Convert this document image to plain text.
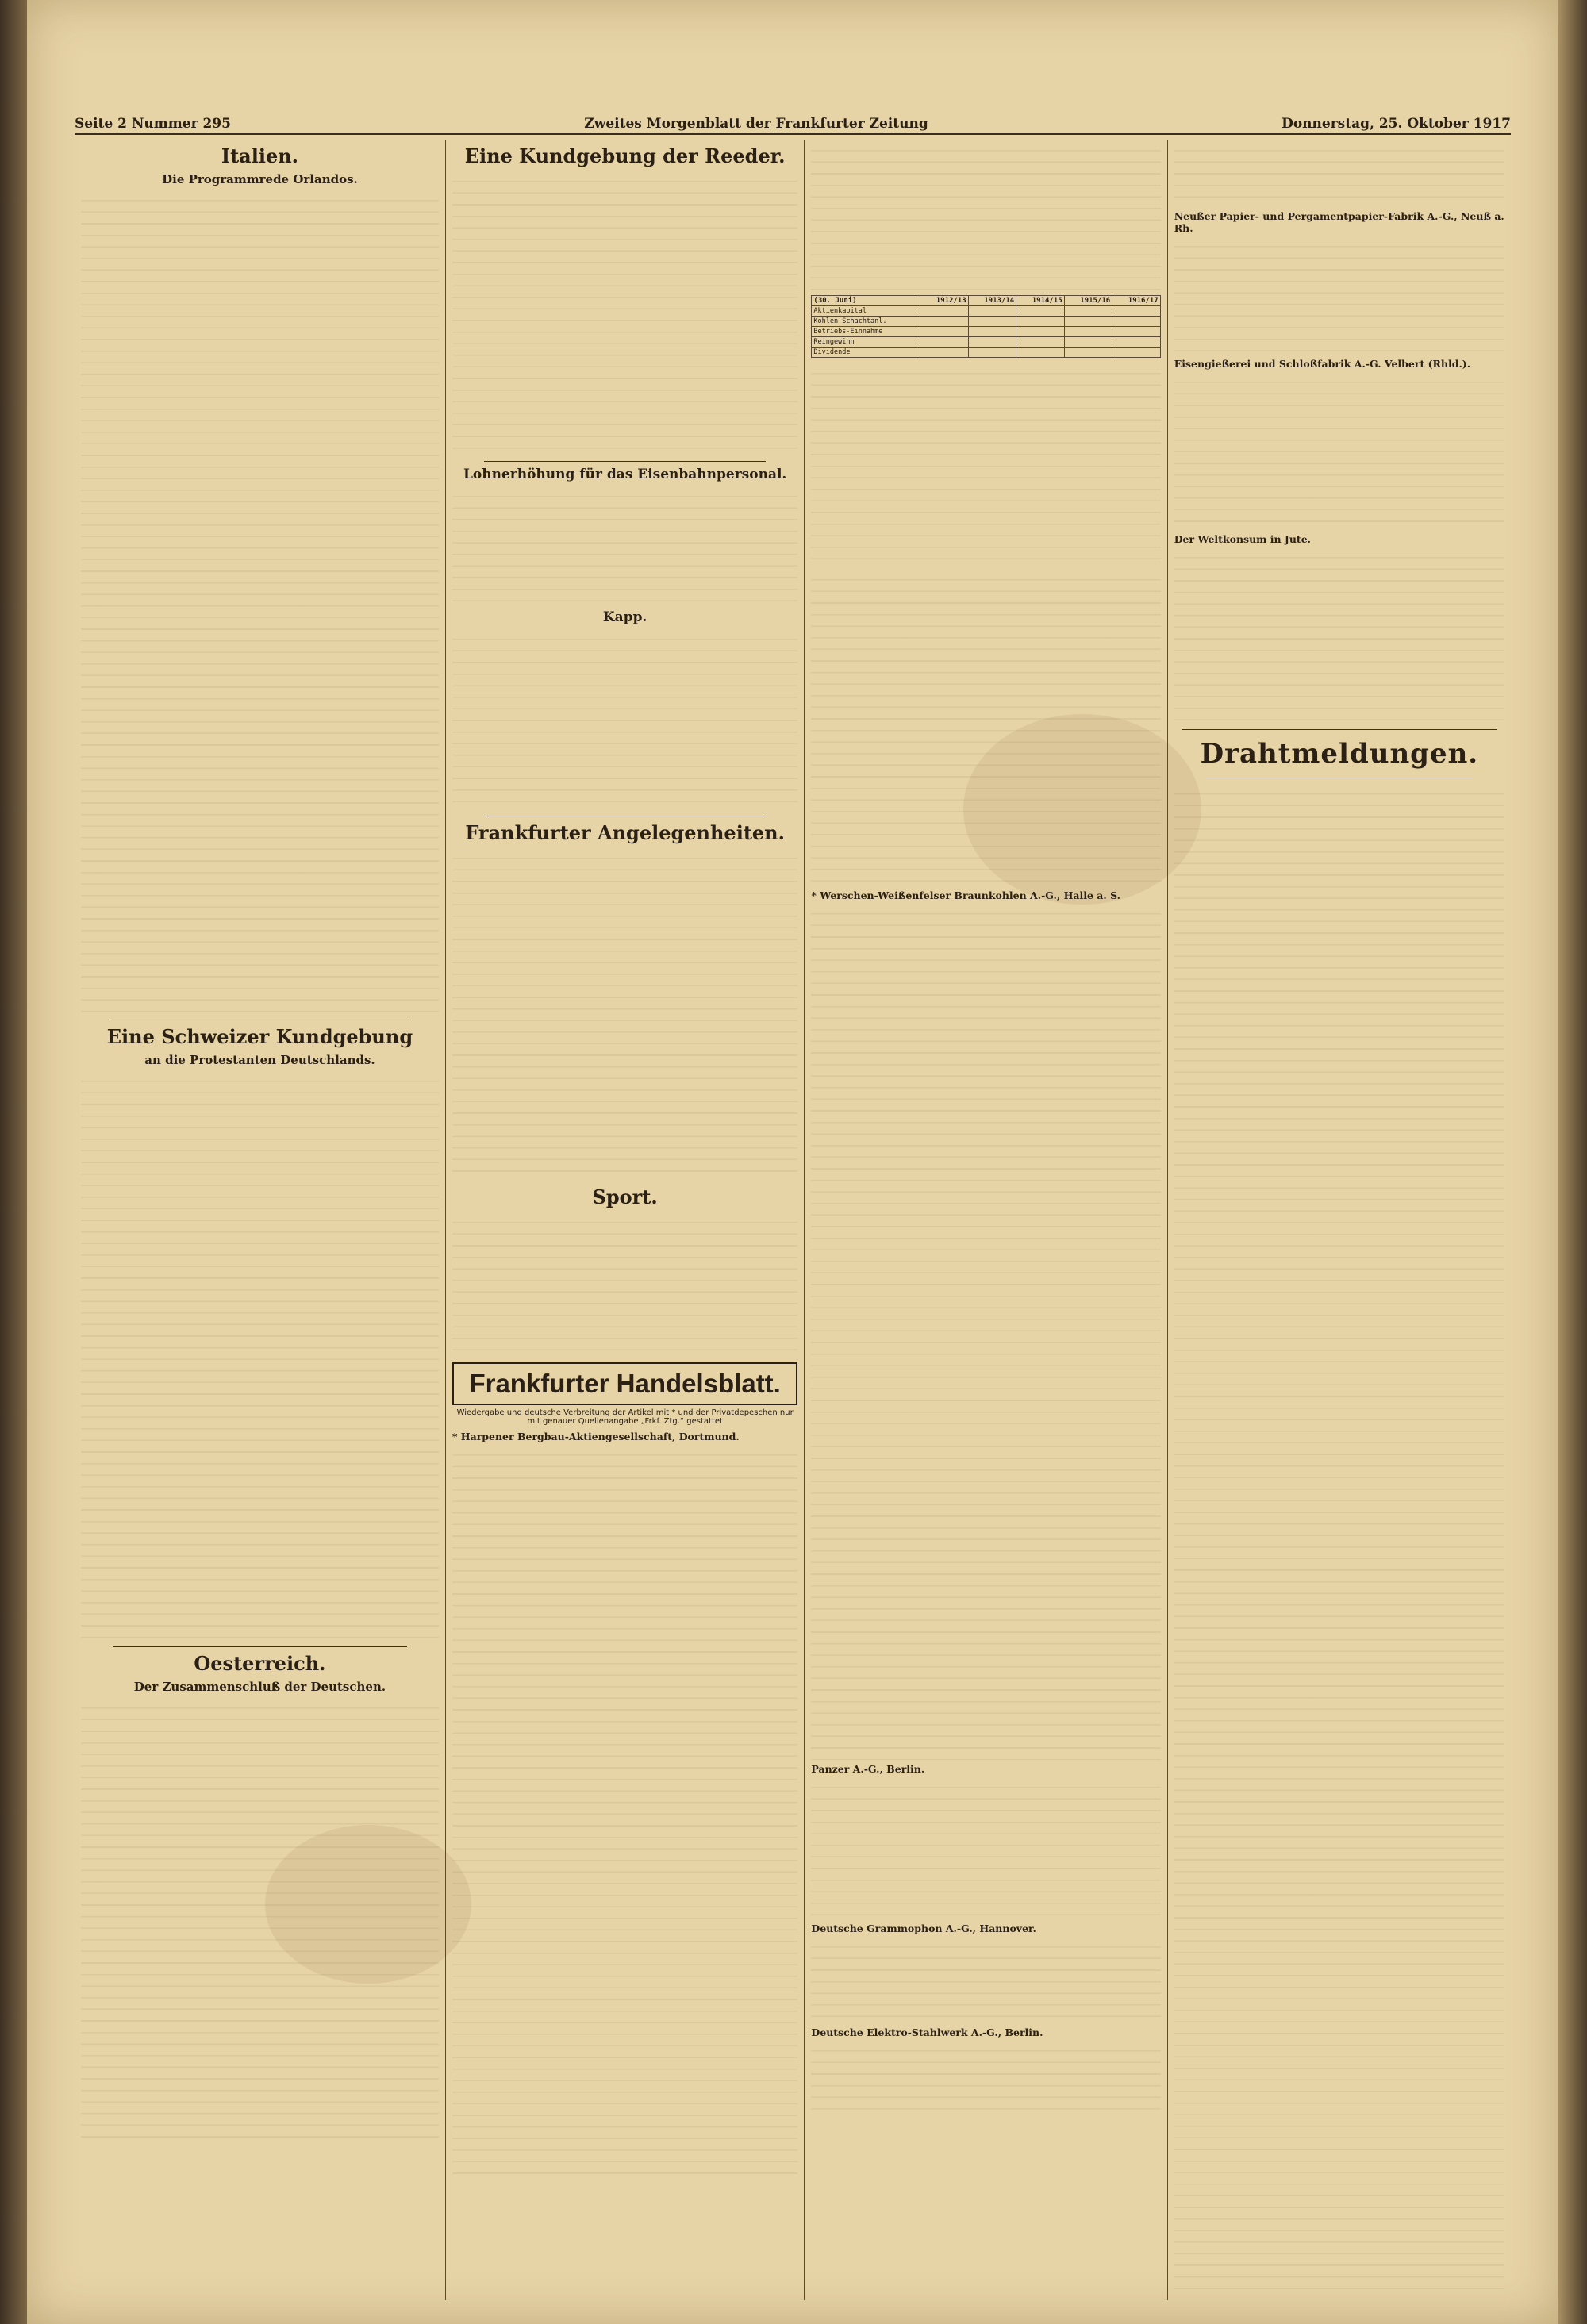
Seite 2 Nummer 295	Zweites Morgenblatt der Frankfurter Zeitung	Donnerstag, 25. Oktober 1917
Italien.
Die Programmrede Orlandos.
Eine Schweizer Kundgebung
an die Protestanten Deutschlands.
Oesterreich.
Der Zusammenschluß der Deutschen.
Eine Kundgebung der Reeder.
Lohnerhöhung für das Eisenbahnpersonal.
Kapp.
Frankfurter Angelegenheiten.
Sport.
Frankfurter Handelsblatt.
Wiedergabe und deutsche Verbreitung der Artikel mit * und der Privatdepeschen nur mit genauer Quellenangabe „Frkf. Ztg.“ gestattet
* Harpener Bergbau-Aktiengesellschaft, Dortmund.
(30. Juni)	1912/13	1913/14	1914/15	1915/16	1916/17
Aktienkapital					
Kohlen Schachtanl.					
Betriebs-Einnahme					
Reingewinn					
Dividende					
* Werschen-Weißenfelser Braunkohlen A.-G., Halle a. S.
Panzer A.-G., Berlin.
Deutsche Grammophon A.-G., Hannover.
Deutsche Elektro-Stahlwerk A.-G., Berlin.
Neußer Papier- und Pergamentpapier-Fabrik A.-G., Neuß a. Rh.
Eisengießerei und Schloßfabrik A.-G. Velbert (Rhld.).
Der Weltkonsum in Jute.
Drahtmeldungen.
